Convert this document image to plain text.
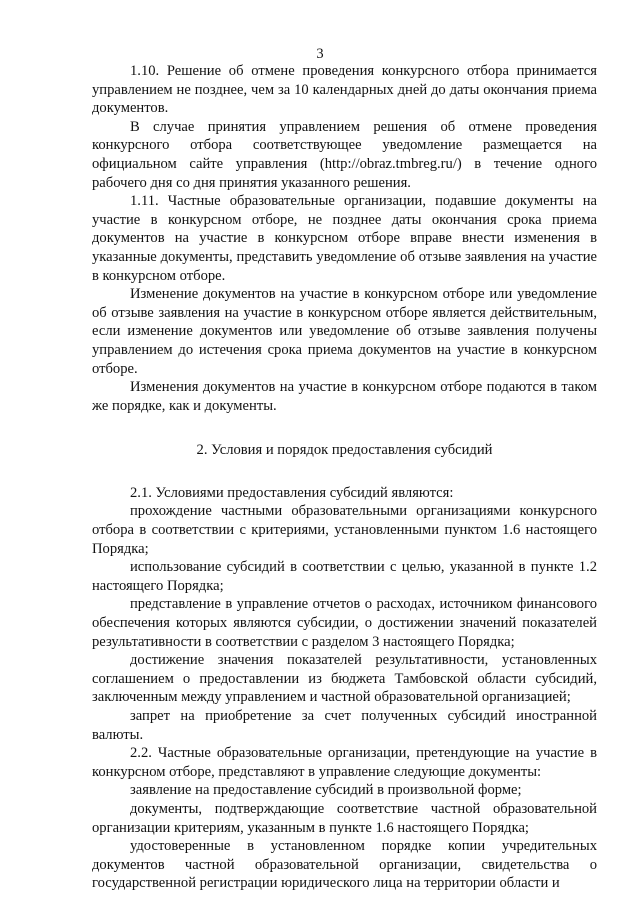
3

1.10. Решение об отмене проведения конкурсного отбора принимается управлением не позднее, чем за 10 календарных дней до даты окончания приема документов.

В случае принятия управлением решения об отмене проведения конкурсного отбора соответствующее уведомление размещается на официальном сайте управления (http://obraz.tmbreg.ru/) в течение одного рабочего дня со дня принятия указанного решения.

1.11. Частные образовательные организации, подавшие документы на участие в конкурсном отборе, не позднее даты окончания срока приема документов на участие в конкурсном отборе вправе внести изменения в указанные документы, представить уведомление об отзыве заявления на участие в конкурсном отборе.

Изменение документов на участие в конкурсном отборе или уведомление об отзыве заявления на участие в конкурсном отборе является действительным, если изменение документов или уведомление об отзыве заявления получены управлением до истечения срока приема документов на участие в конкурсном отборе.

Изменения документов на участие в конкурсном отборе подаются в таком же порядке, как и документы.

2. Условия и порядок предоставления субсидий

2.1. Условиями предоставления субсидий являются:

прохождение частными образовательными организациями конкурсного отбора в соответствии с критериями, установленными пунктом 1.6 настоящего Порядка;

использование субсидий в соответствии с целью, указанной в пункте 1.2 настоящего Порядка;

представление в управление отчетов о расходах, источником финансового обеспечения которых являются субсидии, о достижении значений показателей результативности в соответствии с разделом 3 настоящего Порядка;

достижение значения показателей результативности, установленных соглашением о предоставлении из бюджета Тамбовской области субсидий, заключенным между управлением и частной образовательной организацией;

запрет на приобретение за счет полученных субсидий иностранной валюты.

2.2. Частные образовательные организации, претендующие на участие в конкурсном отборе, представляют в управление следующие документы:

заявление на предоставление субсидий в произвольной форме;

документы, подтверждающие соответствие частной образовательной организации критериям, указанным в пункте 1.6 настоящего Порядка;

удостоверенные в установленном порядке копии учредительных документов частной образовательной организации, свидетельства о государственной регистрации юридического лица на территории области и
